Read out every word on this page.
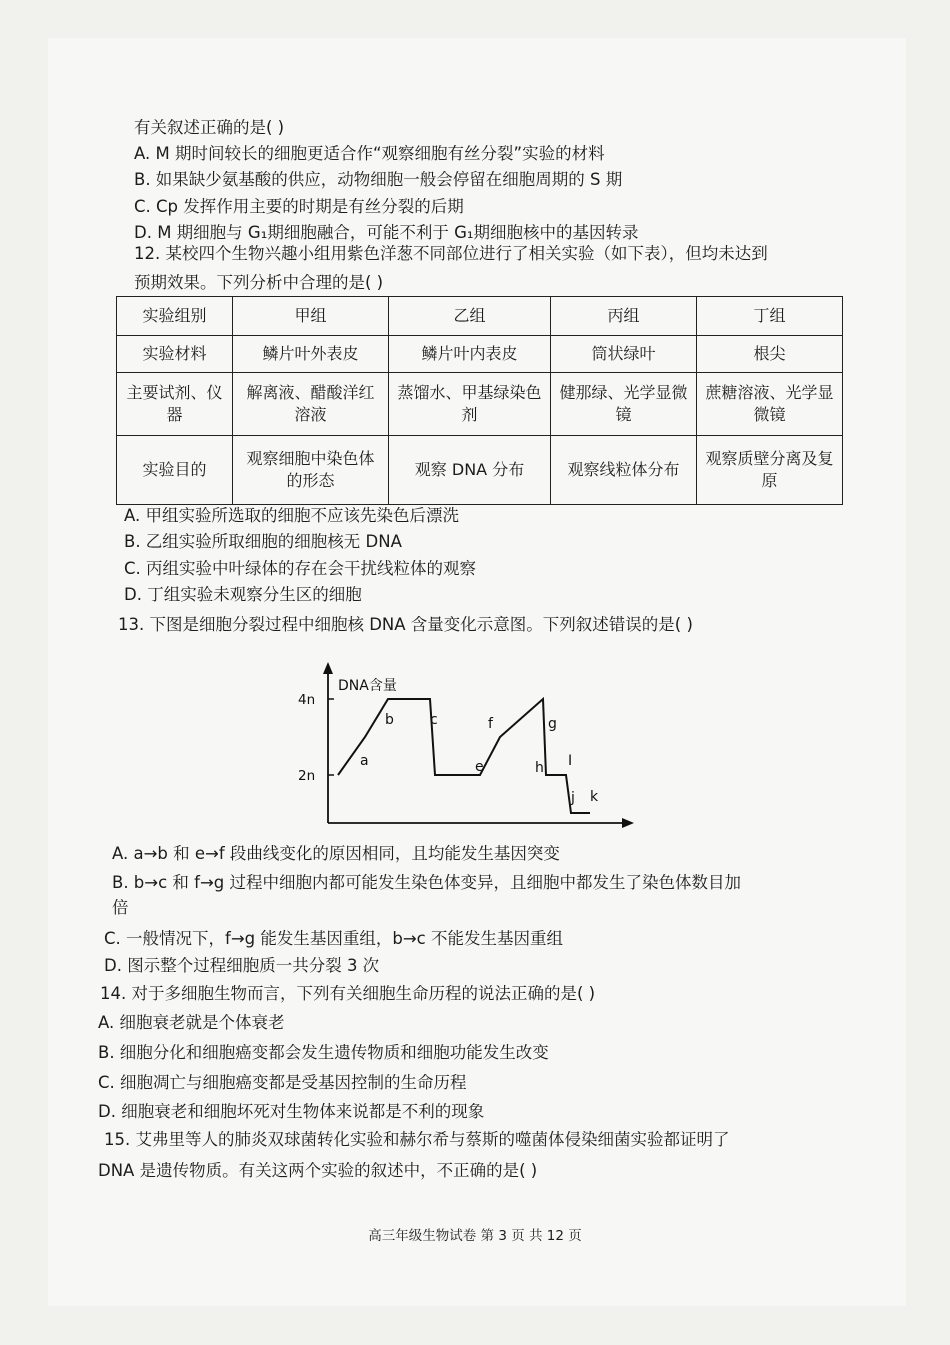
有关叙述正确的是( )
A. M 期时间较长的细胞更适合作“观察细胞有丝分裂”实验的材料
B. 如果缺少氨基酸的供应，动物细胞一般会停留在细胞周期的 S 期
C. Cp 发挥作用主要的时期是有丝分裂的后期
D. M 期细胞与 G₁期细胞融合，可能不利于 G₁期细胞核中的基因转录
12. 某校四个生物兴趣小组用紫色洋葱不同部位进行了相关实验（如下表），但均未达到
预期效果。下列分析中合理的是( )
实验组别	甲组	乙组	丙组	丁组
实验材料	鳞片叶外表皮	鳞片叶内表皮	筒状绿叶	根尖
主要试剂、仪器	解离液、醋酸洋红溶液	蒸馏水、甲基绿染色剂	健那绿、光学显微镜	蔗糖溶液、光学显微镜
实验目的	观察细胞中染色体的形态	观察 DNA 分布	观察线粒体分布	观察质壁分离及复原
A. 甲组实验所选取的细胞不应该先染色后漂洗
B. 乙组实验所取细胞的细胞核无 DNA
C. 丙组实验中叶绿体的存在会干扰线粒体的观察
D. 丁组实验未观察分生区的细胞
13. 下图是细胞分裂过程中细胞核 DNA 含量变化示意图。下列叙述错误的是( )
DNA含量
4n
2n
a
b	c
e
f	g
h I
j k
A. a→b 和 e→f 段曲线变化的原因相同，且均能发生基因突变
B. b→c 和 f→g 过程中细胞内都可能发生染色体变异，且细胞中都发生了染色体数目加
倍
C. 一般情况下，f→g 能发生基因重组，b→c 不能发生基因重组
D. 图示整个过程细胞质一共分裂 3 次
14. 对于多细胞生物而言，下列有关细胞生命历程的说法正确的是( )
A. 细胞衰老就是个体衰老
B. 细胞分化和细胞癌变都会发生遗传物质和细胞功能发生改变
C. 细胞凋亡与细胞癌变都是受基因控制的生命历程
D. 细胞衰老和细胞坏死对生物体来说都是不利的现象
15. 艾弗里等人的肺炎双球菌转化实验和赫尔希与蔡斯的噬菌体侵染细菌实验都证明了
DNA 是遗传物质。有关这两个实验的叙述中，不正确的是( )
高三年级生物试卷 第 3 页 共 12 页
